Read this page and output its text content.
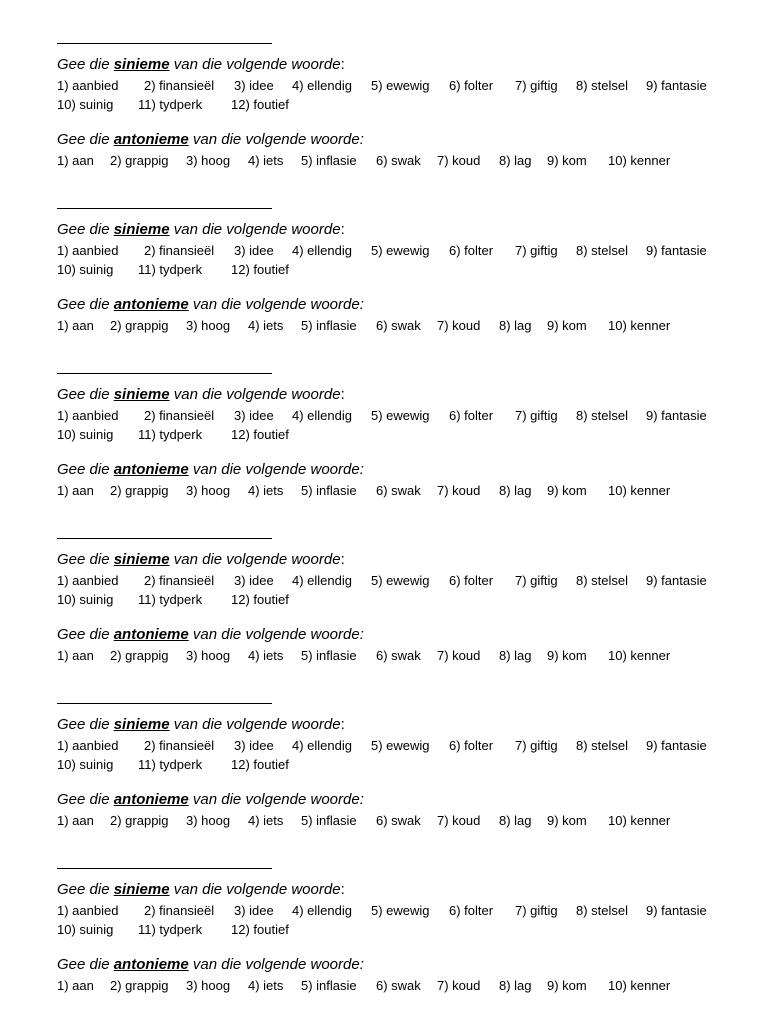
Gee die sinieme van die volgende woorde:
1) aanbied 2) finansieël 3) idee 4) ellendig 5) ewewig 6) folter 7) giftig 8) stelsel 9) fantasie
10) suinig 11) tydperk 12) foutief
Gee die antonieme van die volgende woorde:
1) aan 2) grappig 3) hoog 4) iets 5) inflasie 6) swak 7) koud 8) lag 9) kom 10) kenner
Gee die sinieme van die volgende woorde:
1) aanbied 2) finansieël 3) idee 4) ellendig 5) ewewig 6) folter 7) giftig 8) stelsel 9) fantasie
10) suinig 11) tydperk 12) foutief
Gee die antonieme van die volgende woorde:
1) aan 2) grappig 3) hoog 4) iets 5) inflasie 6) swak 7) koud 8) lag 9) kom 10) kenner
Gee die sinieme van die volgende woorde:
1) aanbied 2) finansieël 3) idee 4) ellendig 5) ewewig 6) folter 7) giftig 8) stelsel 9) fantasie
10) suinig 11) tydperk 12) foutief
Gee die antonieme van die volgende woorde:
1) aan 2) grappig 3) hoog 4) iets 5) inflasie 6) swak 7) koud 8) lag 9) kom 10) kenner
Gee die sinieme van die volgende woorde:
1) aanbied 2) finansieël 3) idee 4) ellendig 5) ewewig 6) folter 7) giftig 8) stelsel 9) fantasie
10) suinig 11) tydperk 12) foutief
Gee die antonieme van die volgende woorde:
1) aan 2) grappig 3) hoog 4) iets 5) inflasie 6) swak 7) koud 8) lag 9) kom 10) kenner
Gee die sinieme van die volgende woorde:
1) aanbied 2) finansieël 3) idee 4) ellendig 5) ewewig 6) folter 7) giftig 8) stelsel 9) fantasie
10) suinig 11) tydperk 12) foutief
Gee die antonieme van die volgende woorde:
1) aan 2) grappig 3) hoog 4) iets 5) inflasie 6) swak 7) koud 8) lag 9) kom 10) kenner
Gee die sinieme van die volgende woorde:
1) aanbied 2) finansieël 3) idee 4) ellendig 5) ewewig 6) folter 7) giftig 8) stelsel 9) fantasie
10) suinig 11) tydperk 12) foutief
Gee die antonieme van die volgende woorde:
1) aan 2) grappig 3) hoog 4) iets 5) inflasie 6) swak 7) koud 8) lag 9) kom 10) kenner
